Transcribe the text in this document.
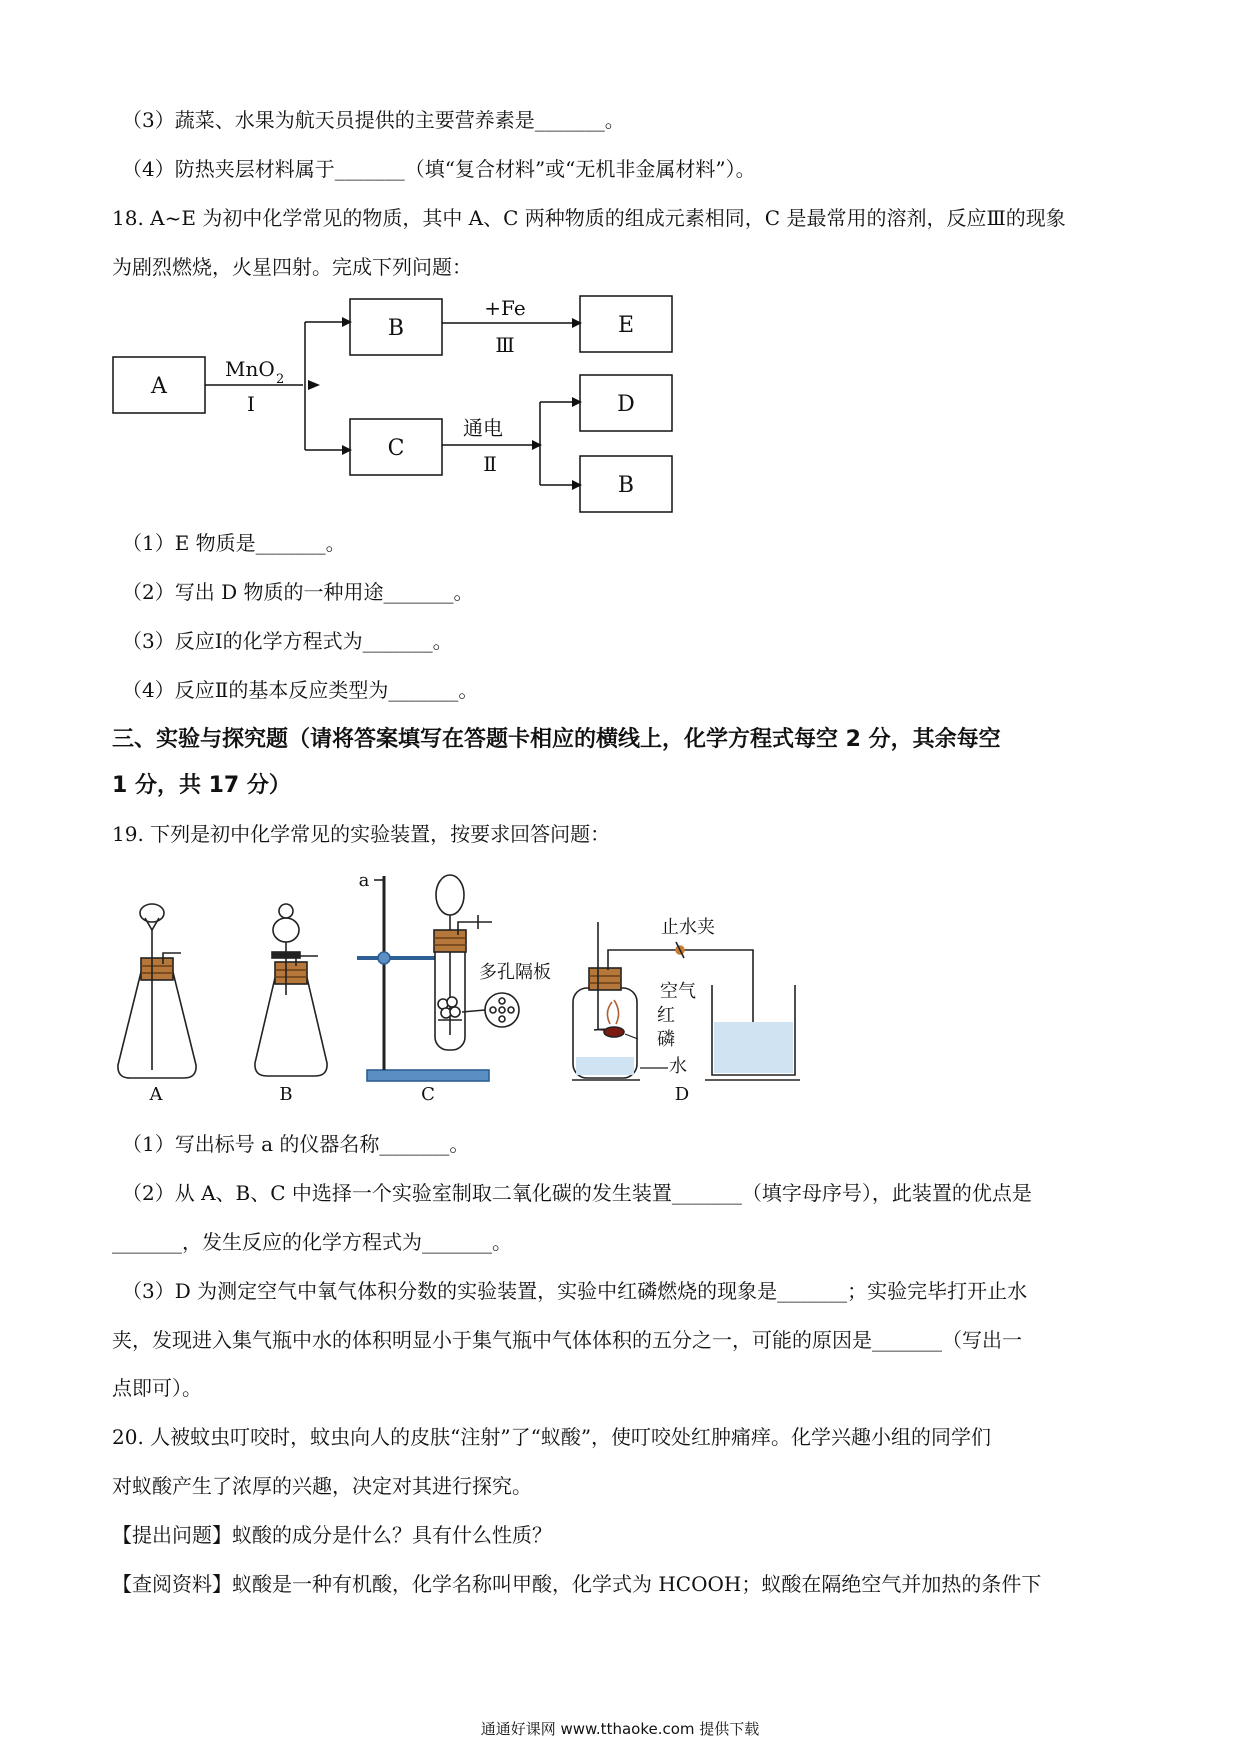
（3）蔬菜、水果为航天员提供的主要营养素是_______。
（4）防热夹层材料属于_______（填“复合材料”或“无机非金属材料”）。
18. A~E 为初中化学常见的物质，其中 A、C 两种物质的组成元素相同，C 是最常用的溶剂，反应Ⅲ的现象
为剧烈燃烧，火星四射。完成下列问题：
A
B	E
C
D
B
MnO 2
Ⅰ
+Fe
Ⅲ
通电
Ⅱ
（1）E 物质是_______。
（2）写出 D 物质的一种用途_______。
（3）反应Ⅰ的化学方程式为_______。
（4）反应Ⅱ的基本反应类型为_______。
三、实验与探究题（请将答案填写在答题卡相应的横线上，化学方程式每空 2 分，其余每空
1 分，共 17 分）
19. 下列是初中化学常见的实验装置，按要求回答问题：
A	B	C	D
a
多孔隔板
止水夹
空气
红
磷
水
（1）写出标号 a 的仪器名称_______。
（2）从 A、B、C 中选择一个实验室制取二氧化碳的发生装置_______（填字母序号），此装置的优点是
_______，发生反应的化学方程式为_______。
（3）D 为测定空气中氧气体积分数的实验装置，实验中红磷燃烧的现象是_______；实验完毕打开止水
夹，发现进入集气瓶中水的体积明显小于集气瓶中气体体积的五分之一，可能的原因是_______（写出一
点即可）。
20. 人被蚊虫叮咬时，蚊虫向人的皮肤“注射”了“蚁酸”，使叮咬处红肿痛痒。化学兴趣小组的同学们
对蚁酸产生了浓厚的兴趣，决定对其进行探究。
【提出问题】蚁酸的成分是什么？具有什么性质？
【查阅资料】蚁酸是一种有机酸，化学名称叫甲酸，化学式为 HCOOH；蚁酸在隔绝空气并加热的条件下
通通好课网 www.tthaoke.com 提供下载
